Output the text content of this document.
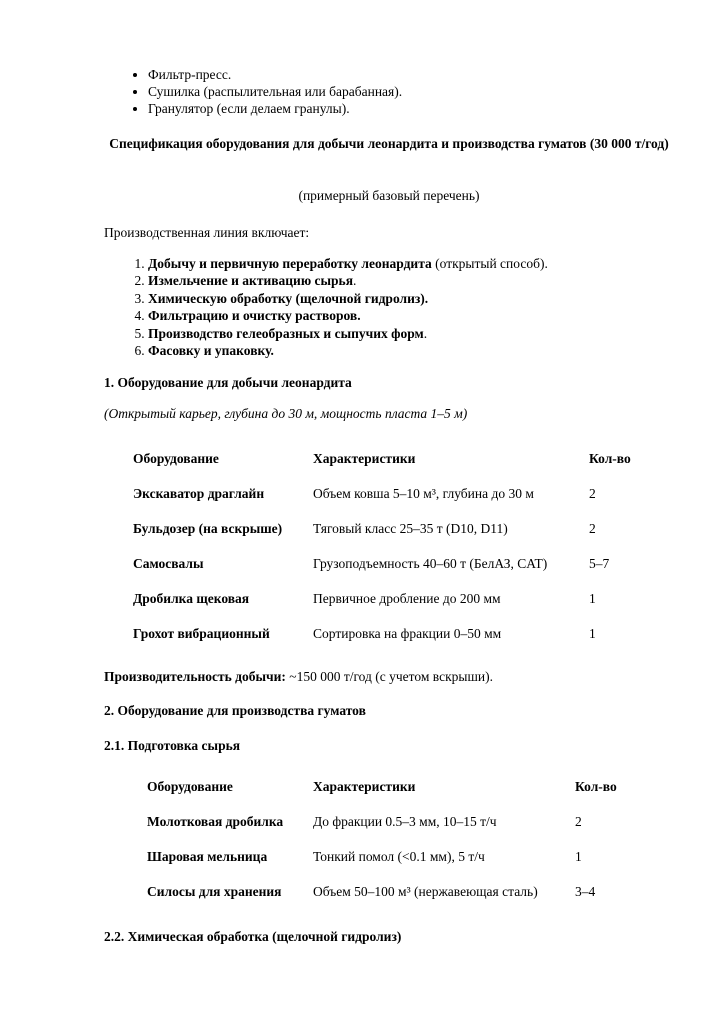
• Фильтр-пресс.
• Сушилка (распылительная или барабанная).
• Гранулятор (если делаем гранулы).
Спецификация оборудования для добычи леонардита и производства гуматов (30 000 т/год)
(примерный базовый перечень)
Производственная линия включает:
1. Добычу и первичную переработку леонардита (открытый способ).
2. Измельчение и активацию сырья.
3. Химическую обработку (щелочной гидролиз).
4. Фильтрацию и очистку растворов.
5. Производство гелеобразных и сыпучих форм.
6. Фасовку и упаковку.
1. Оборудование для добычи леонардита
(Открытый карьер, глубина до 30 м, мощность пласта 1–5 м)
Оборудование	Характеристики	Кол-во
Экскаватор драглайн	Объем ковша 5–10 м³, глубина до 30 м	2
Бульдозер (на вскрыше)	Тяговый класс 25–35 т (D10, D11)	2
Самосвалы	Грузоподъемность 40–60 т (БелАЗ, CAT)	5–7
Дробилка щековая	Первичное дробление до 200 мм	1
Грохот вибрационный	Сортировка на фракции 0–50 мм	1
Производительность добычи: ~150 000 т/год (с учетом вскрыши).
2. Оборудование для производства гуматов
2.1. Подготовка сырья
Оборудование	Характеристики	Кол-во
Молотковая дробилка	До фракции 0.5–3 мм, 10–15 т/ч	2
Шаровая мельница	Тонкий помол (<0.1 мм), 5 т/ч	1
Силосы для хранения	Объем 50–100 м³ (нержавеющая сталь)	3–4
2.2. Химическая обработка (щелочной гидролиз)
